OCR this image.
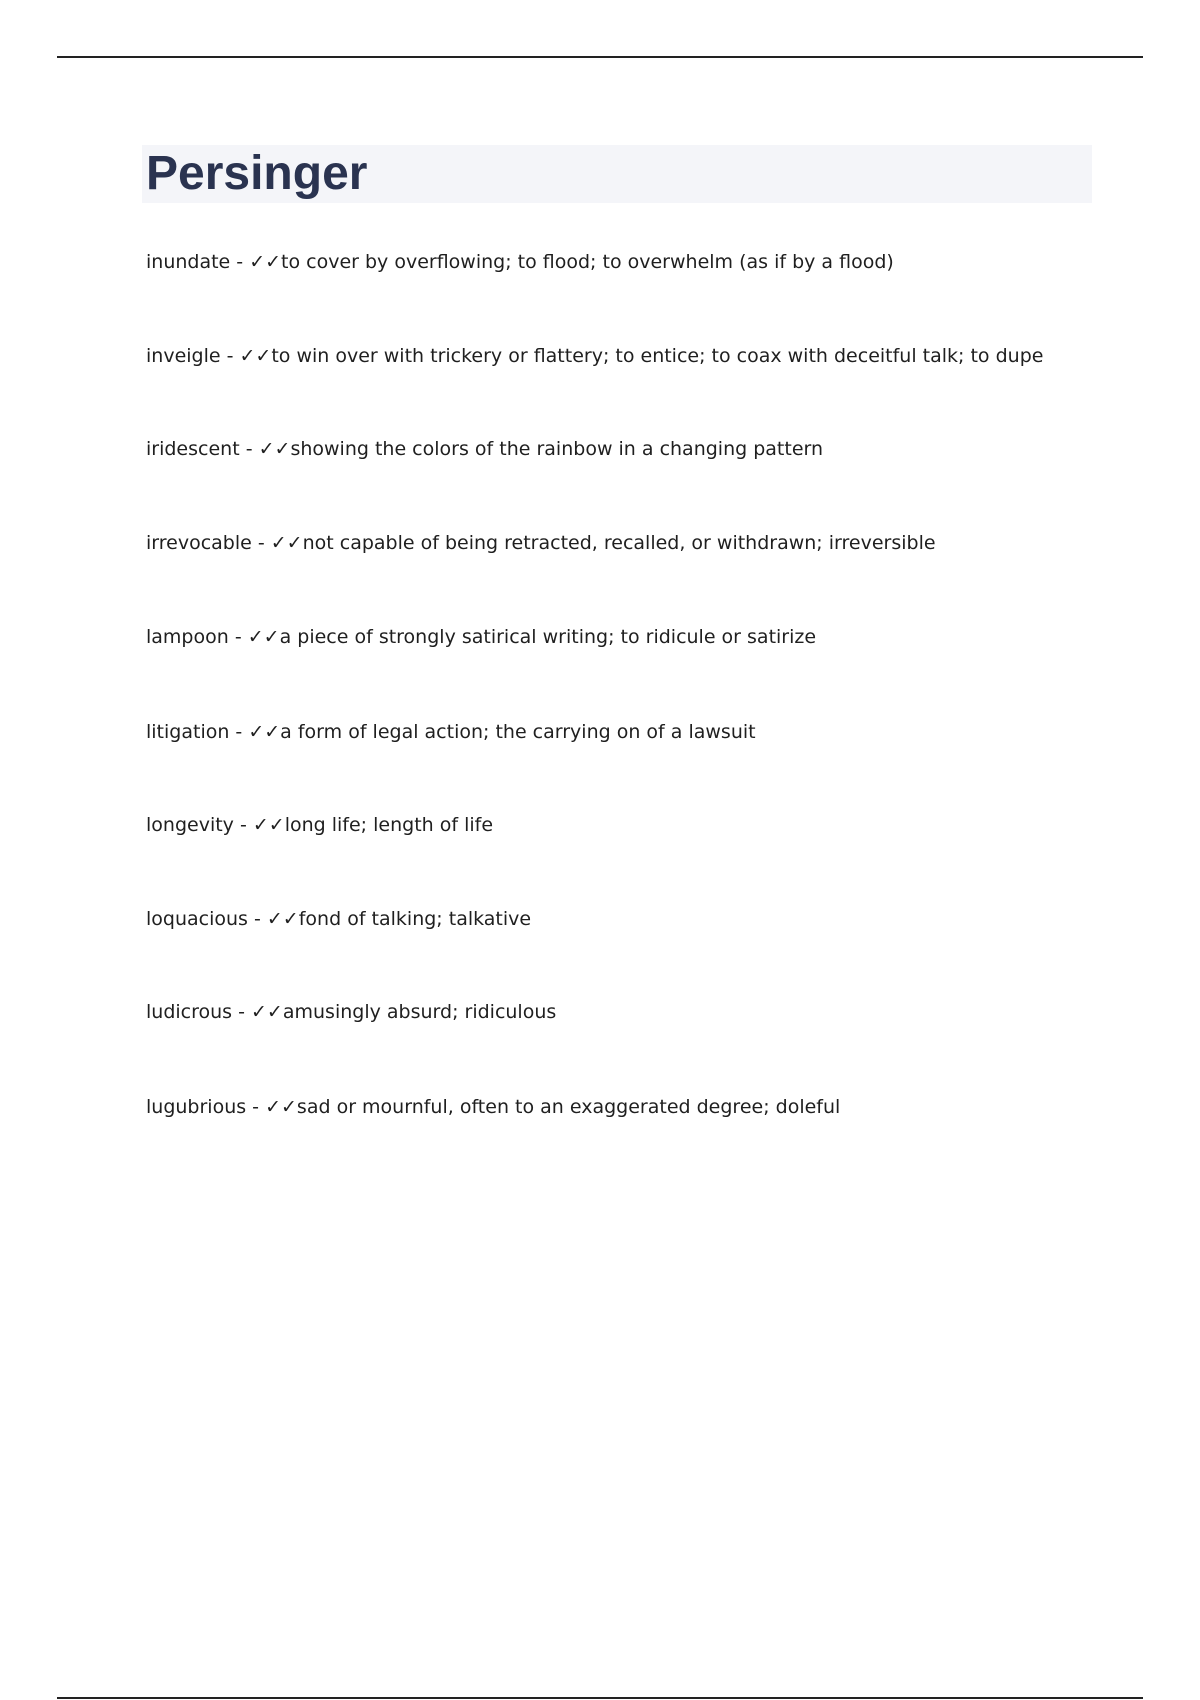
Persinger
inundate - ✓✓to cover by overflowing; to flood; to overwhelm (as if by a flood)
inveigle - ✓✓to win over with trickery or flattery; to entice; to coax with deceitful talk; to dupe
iridescent - ✓✓showing the colors of the rainbow in a changing pattern
irrevocable - ✓✓not capable of being retracted, recalled, or withdrawn; irreversible
lampoon - ✓✓a piece of strongly satirical writing; to ridicule or satirize
litigation - ✓✓a form of legal action; the carrying on of a lawsuit
longevity - ✓✓long life; length of life
loquacious - ✓✓fond of talking; talkative
ludicrous - ✓✓amusingly absurd; ridiculous
lugubrious - ✓✓sad or mournful, often to an exaggerated degree; doleful
